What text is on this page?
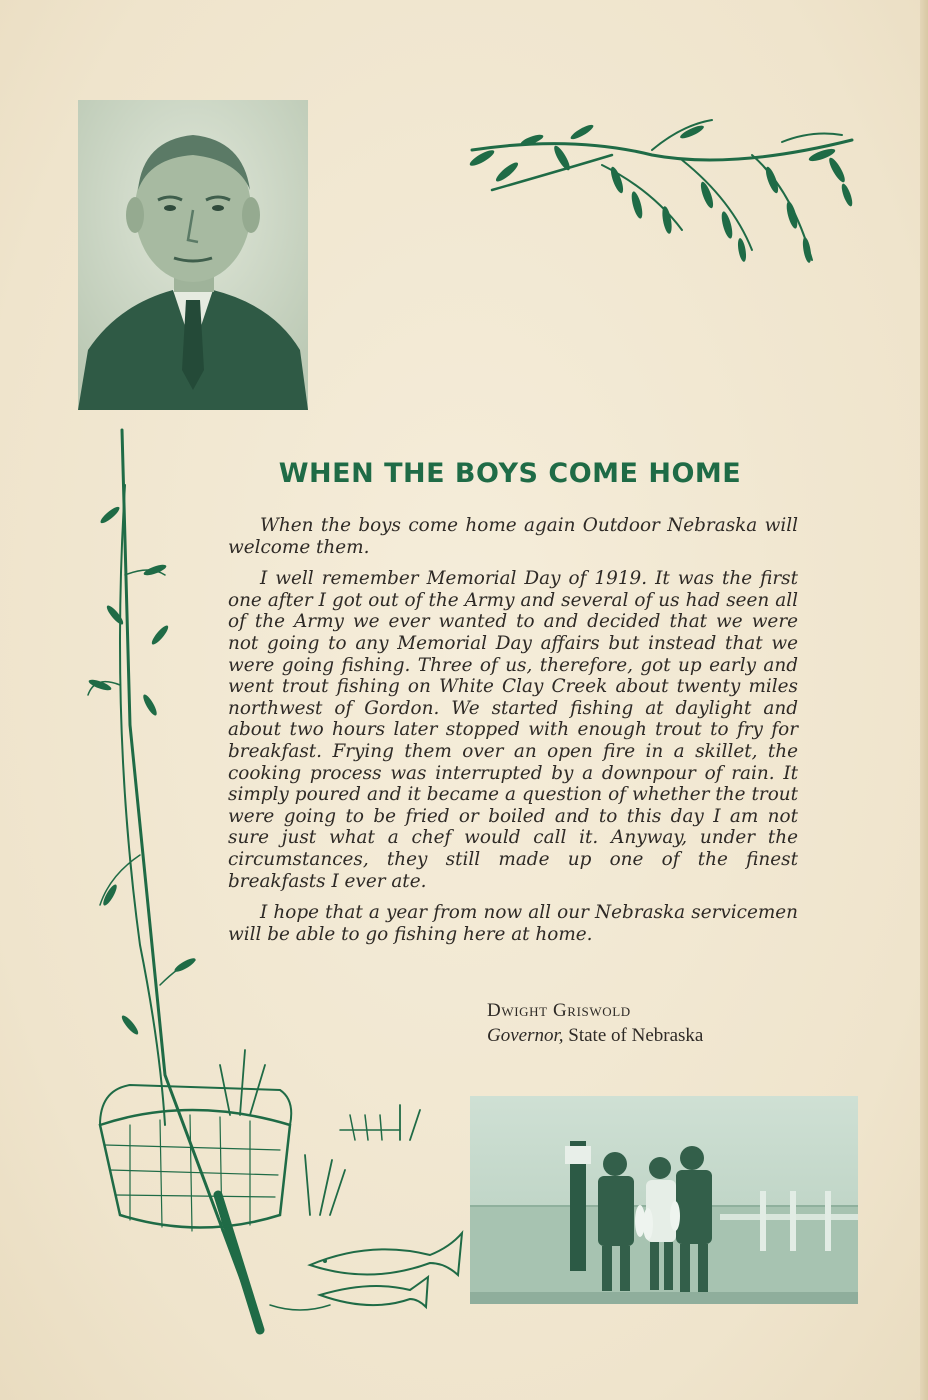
WHEN THE BOYS COME HOME

When the boys come home again Outdoor Nebraska will welcome them.

I well remember Memorial Day of 1919. It was the first one after I got out of the Army and several of us had seen all of the Army we ever wanted to and decided that we were not going to any Memorial Day affairs but instead that we were going fishing. Three of us, therefore, got up early and went trout fishing on White Clay Creek about twenty miles northwest of Gordon. We started fishing at daylight and about two hours later stopped with enough trout to fry for breakfast. Frying them over an open fire in a skillet, the cooking process was interrupted by a downpour of rain. It simply poured and it became a question of whether the trout were going to be fried or boiled and to this day I am not sure just what a chef would call it. Anyway, under the circumstances, they still made up one of the finest breakfasts I ever ate.

I hope that a year from now all our Nebraska servicemen will be able to go fishing here at home.

Dwight Griswold
Governor, State of Nebraska
